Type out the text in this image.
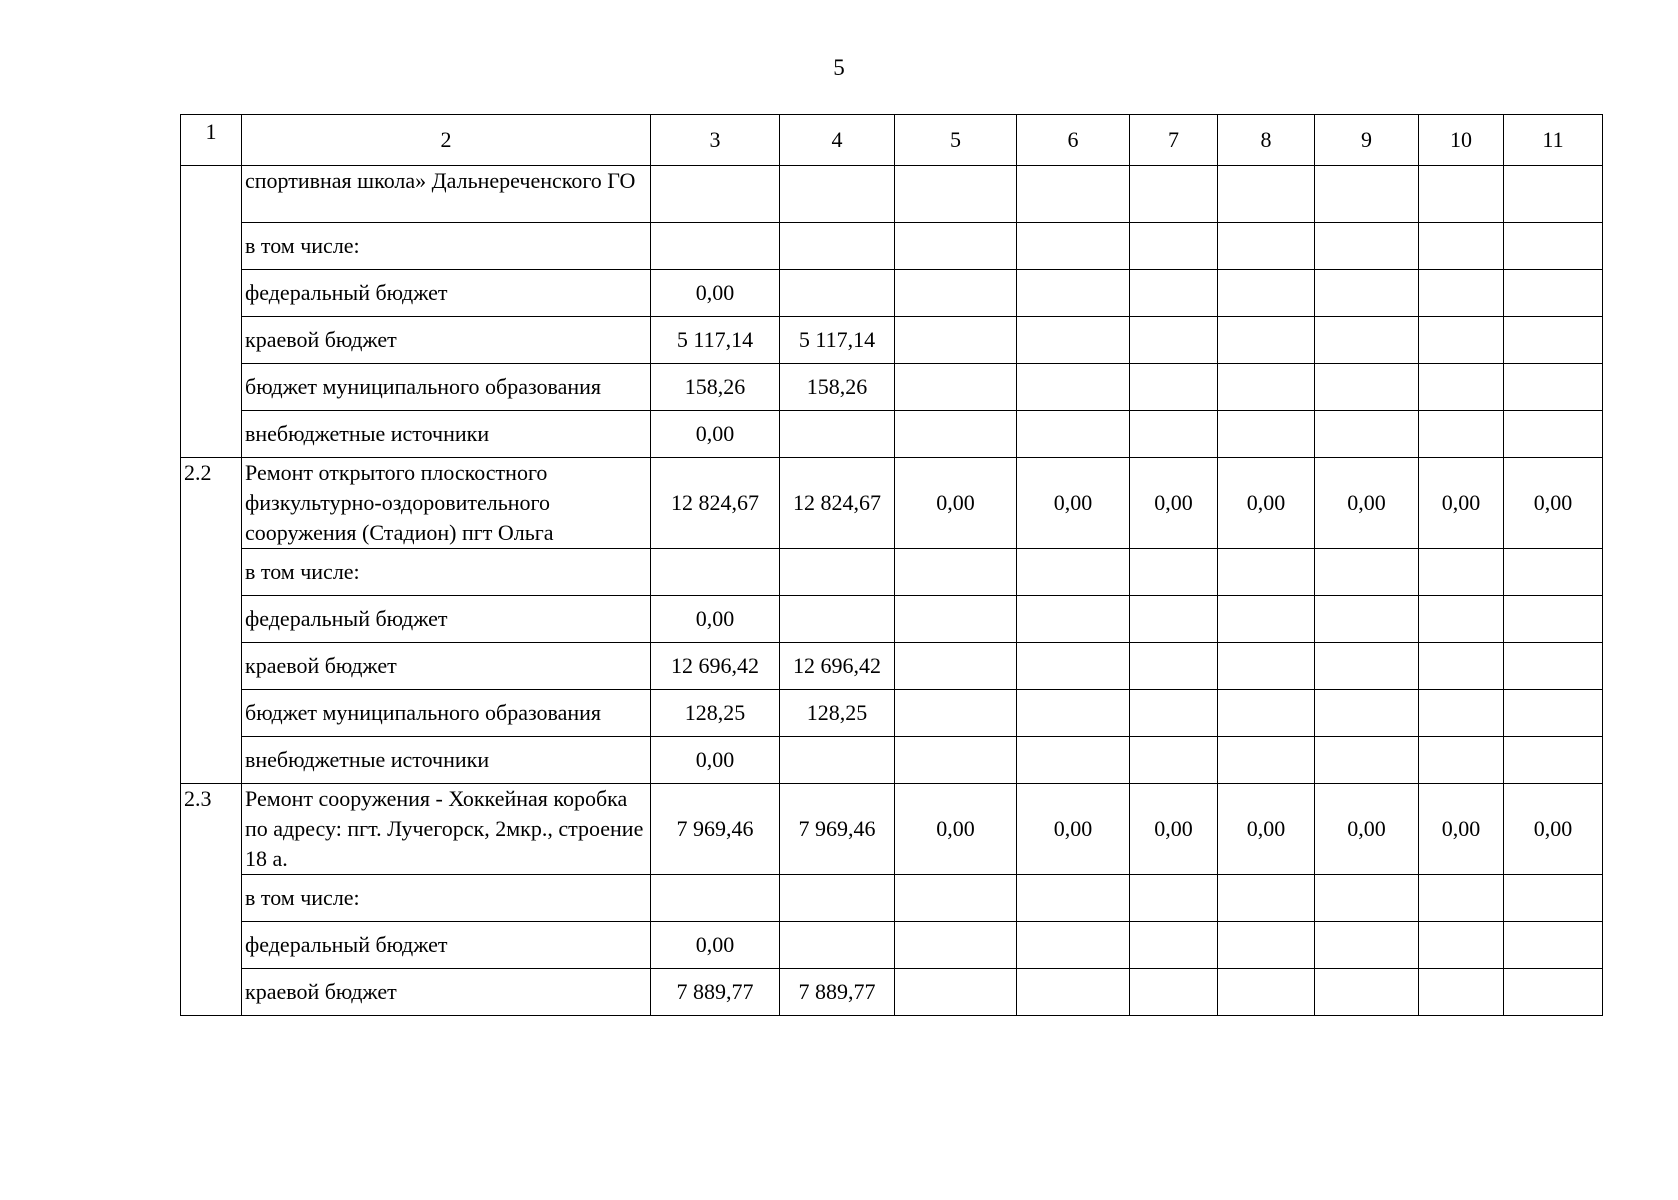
5
1	2	3	4	5	6	7	8	9	10	11
	спортивная школа» Дальнереченского ГО									
	в том числе:									
	федеральный бюджет	0,00								
	краевой бюджет	5 117,14	5 117,14							
	бюджет муниципального образования	158,26	158,26							
	внебюджетные источники	0,00								
2.2	Ремонт открытого плоскостного физкультурно-оздоровительного сооружения (Стадион) пгт Ольга	12 824,67	12 824,67	0,00	0,00	0,00	0,00	0,00	0,00	0,00
	в том числе:									
	федеральный бюджет	0,00								
	краевой бюджет	12 696,42	12 696,42							
	бюджет муниципального образования	128,25	128,25							
	внебюджетные источники	0,00								
2.3	Ремонт сооружения - Хоккейная коробка по адресу: пгт. Лучегорск, 2мкр., строение 18 а.	7 969,46	7 969,46	0,00	0,00	0,00	0,00	0,00	0,00	0,00
	в том числе:									
	федеральный бюджет	0,00								
	краевой бюджет	7 889,77	7 889,77							
